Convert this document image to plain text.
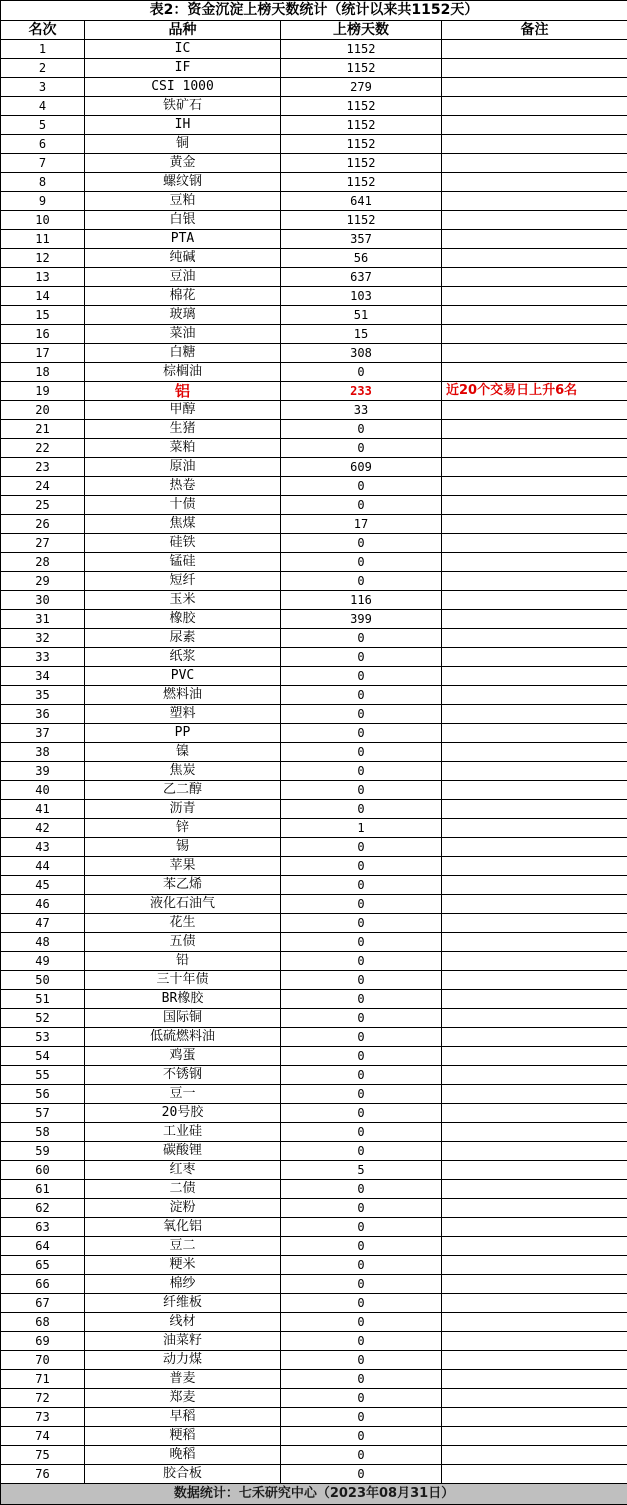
表2：资金沉淀上榜天数统计（统计以来共1152天）			
名次	品种	上榜天数	备注
1	IC	1152	
2	IF	1152	
3	CSI 1000	279	
4	铁矿石	1152	
5	IH	1152	
6	铜	1152	
7	黄金	1152	
8	螺纹钢	1152	
9	豆粕	641	
10	白银	1152	
11	PTA	357	
12	纯碱	56	
13	豆油	637	
14	棉花	103	
15	玻璃	51	
16	菜油	15	
17	白糖	308	
18	棕榈油	0	
19	铝	233	近20个交易日上升6名
20	甲醇	33	
21	生猪	0	
22	菜粕	0	
23	原油	609	
24	热卷	0	
25	十债	0	
26	焦煤	17	
27	硅铁	0	
28	锰硅	0	
29	短纤	0	
30	玉米	116	
31	橡胶	399	
32	尿素	0	
33	纸浆	0	
34	PVC	0	
35	燃料油	0	
36	塑料	0	
37	PP	0	
38	镍	0	
39	焦炭	0	
40	乙二醇	0	
41	沥青	0	
42	锌	1	
43	锡	0	
44	苹果	0	
45	苯乙烯	0	
46	液化石油气	0	
47	花生	0	
48	五债	0	
49	铅	0	
50	三十年债	0	
51	BR橡胶	0	
52	国际铜	0	
53	低硫燃料油	0	
54	鸡蛋	0	
55	不锈钢	0	
56	豆一	0	
57	20号胶	0	
58	工业硅	0	
59	碳酸锂	0	
60	红枣	5	
61	二债	0	
62	淀粉	0	
63	氧化铝	0	
64	豆二	0	
65	粳米	0	
66	棉纱	0	
67	纤维板	0	
68	线材	0	
69	油菜籽	0	
70	动力煤	0	
71	普麦	0	
72	郑麦	0	
73	早稻	0	
74	粳稻	0	
75	晚稻	0	
76	胶合板	0	
数据统计：七禾研究中心（2023年08月31日）			
